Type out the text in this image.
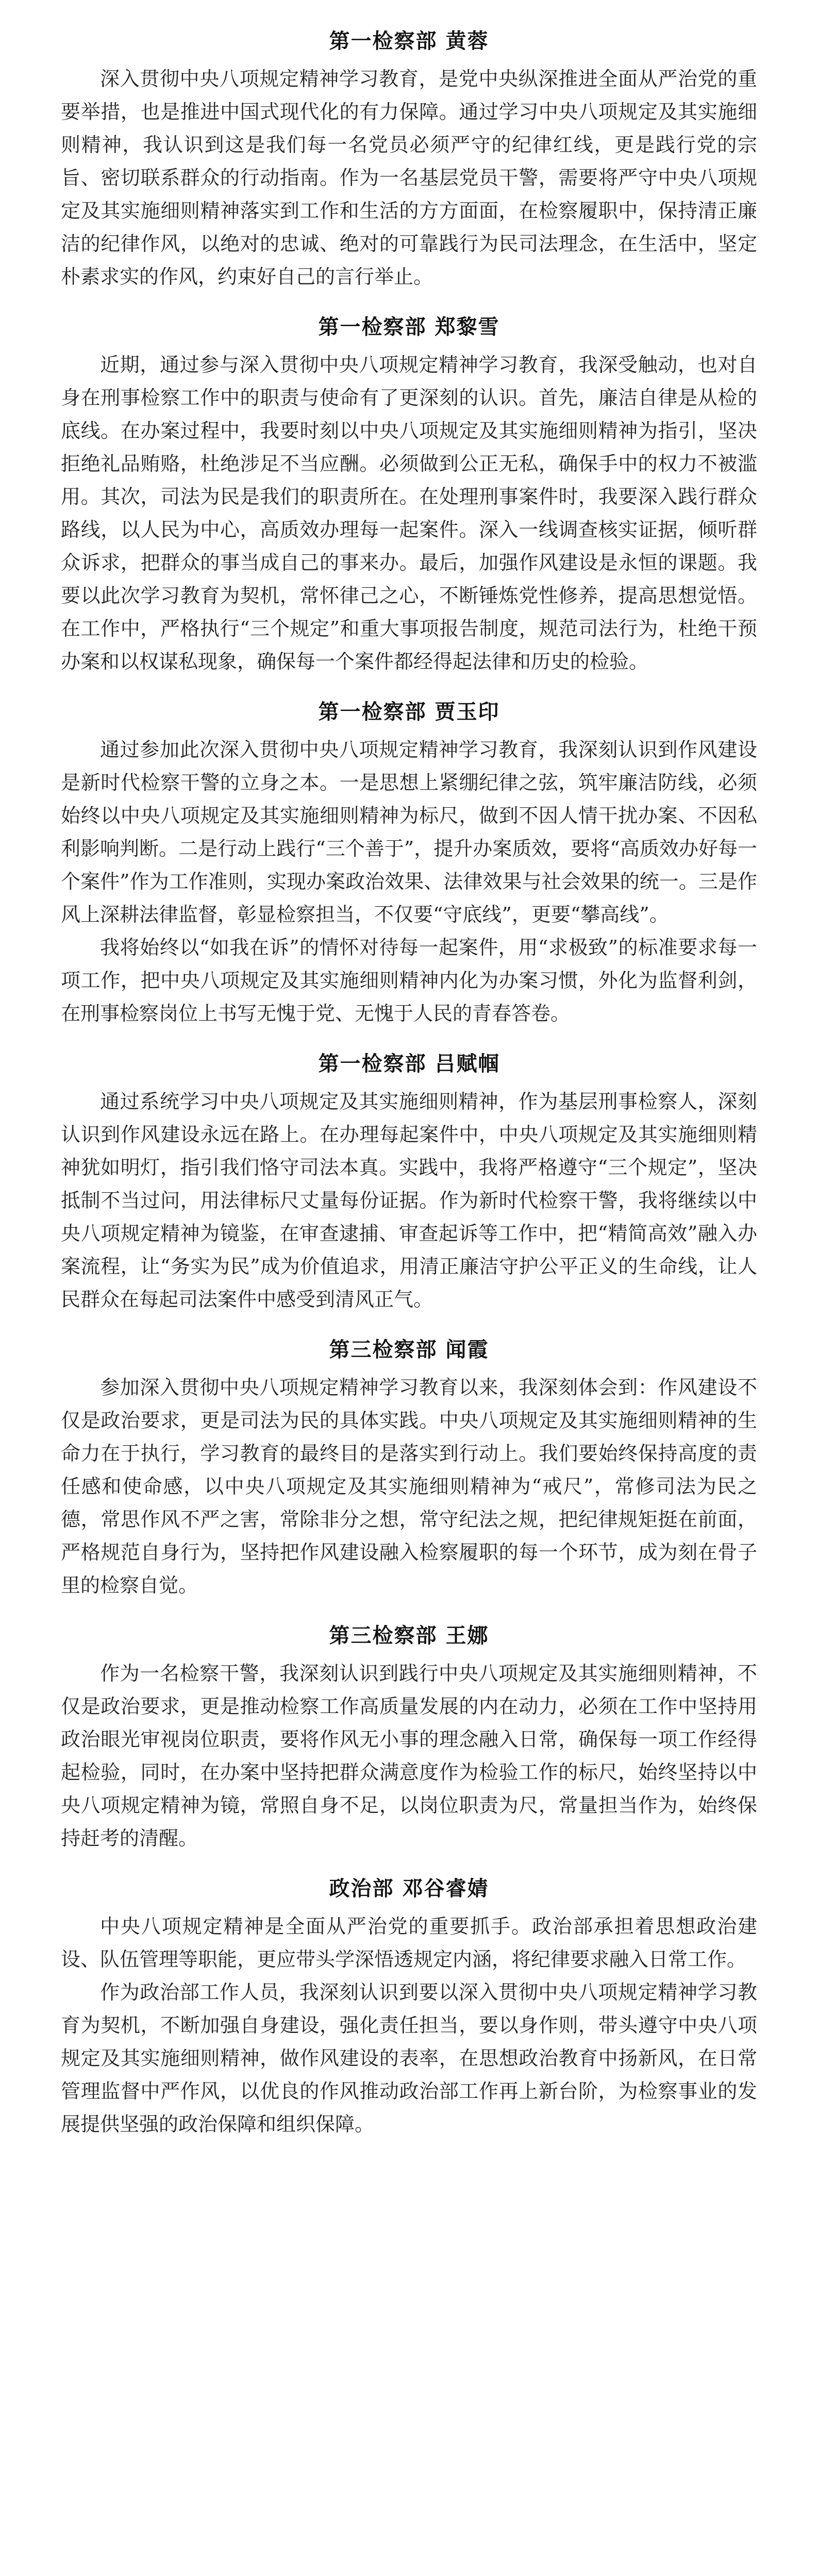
第一检察部 黄蓉

深入贯彻中央八项规定精神学习教育，是党中央纵深推进全面从严治党的重要举措，也是推进中国式现代化的有力保障。通过学习中央八项规定及其实施细则精神，我认识到这是我们每一名党员必须严守的纪律红线，更是践行党的宗旨、密切联系群众的行动指南。作为一名基层党员干警，需要将严守中央八项规定及其实施细则精神落实到工作和生活的方方面面，在检察履职中，保持清正廉洁的纪律作风，以绝对的忠诚、绝对的可靠践行为民司法理念，在生活中，坚定朴素求实的作风，约束好自己的言行举止。

第一检察部 郑黎雪

近期，通过参与深入贯彻中央八项规定精神学习教育，我深受触动，也对自身在刑事检察工作中的职责与使命有了更深刻的认识。首先，廉洁自律是从检的底线。在办案过程中，我要时刻以中央八项规定及其实施细则精神为指引，坚决拒绝礼品贿赂，杜绝涉足不当应酬。必须做到公正无私，确保手中的权力不被滥用。其次，司法为民是我们的职责所在。在处理刑事案件时，我要深入践行群众路线，以人民为中心，高质效办理每一起案件。深入一线调查核实证据，倾听群众诉求，把群众的事当成自己的事来办。最后，加强作风建设是永恒的课题。我要以此次学习教育为契机，常怀律己之心，不断锤炼党性修养，提高思想觉悟。在工作中，严格执行“三个规定”和重大事项报告制度，规范司法行为，杜绝干预办案和以权谋私现象，确保每一个案件都经得起法律和历史的检验。

第一检察部 贾玉印

通过参加此次深入贯彻中央八项规定精神学习教育，我深刻认识到作风建设是新时代检察干警的立身之本。一是思想上紧绷纪律之弦，筑牢廉洁防线，必须始终以中央八项规定及其实施细则精神为标尺，做到不因人情干扰办案、不因私利影响判断。二是行动上践行“三个善于”，提升办案质效，要将“高质效办好每一个案件”作为工作准则，实现办案政治效果、法律效果与社会效果的统一。三是作风上深耕法律监督，彰显检察担当，不仅要“守底线”，更要“攀高线”。

我将始终以“如我在诉”的情怀对待每一起案件，用“求极致”的标准要求每一项工作，把中央八项规定及其实施细则精神内化为办案习惯，外化为监督利剑，在刑事检察岗位上书写无愧于党、无愧于人民的青春答卷。

第一检察部 吕赋帼

通过系统学习中央八项规定及其实施细则精神，作为基层刑事检察人，深刻认识到作风建设永远在路上。在办理每起案件中，中央八项规定及其实施细则精神犹如明灯，指引我们恪守司法本真。实践中，我将严格遵守“三个规定”，坚决抵制不当过问，用法律标尺丈量每份证据。作为新时代检察干警，我将继续以中央八项规定精神为镜鉴，在审查逮捕、审查起诉等工作中，把“精简高效”融入办案流程，让“务实为民”成为价值追求，用清正廉洁守护公平正义的生命线，让人民群众在每起司法案件中感受到清风正气。

第三检察部 闻霞

参加深入贯彻中央八项规定精神学习教育以来，我深刻体会到：作风建设不仅是政治要求，更是司法为民的具体实践。中央八项规定及其实施细则精神的生命力在于执行，学习教育的最终目的是落实到行动上。我们要始终保持高度的责任感和使命感，以中央八项规定及其实施细则精神为“戒尺”，常修司法为民之德，常思作风不严之害，常除非分之想，常守纪法之规，把纪律规矩挺在前面，严格规范自身行为，坚持把作风建设融入检察履职的每一个环节，成为刻在骨子里的检察自觉。

第三检察部 王娜

作为一名检察干警，我深刻认识到践行中央八项规定及其实施细则精神，不仅是政治要求，更是推动检察工作高质量发展的内在动力，必须在工作中坚持用政治眼光审视岗位职责，要将作风无小事的理念融入日常，确保每一项工作经得起检验，同时，在办案中坚持把群众满意度作为检验工作的标尺，始终坚持以中央八项规定精神为镜，常照自身不足，以岗位职责为尺，常量担当作为，始终保持赶考的清醒。

政治部 邓谷睿婧

中央八项规定精神是全面从严治党的重要抓手。政治部承担着思想政治建设、队伍管理等职能，更应带头学深悟透规定内涵，将纪律要求融入日常工作。

作为政治部工作人员，我深刻认识到要以深入贯彻中央八项规定精神学习教育为契机，不断加强自身建设，强化责任担当，要以身作则，带头遵守中央八项规定及其实施细则精神，做作风建设的表率，在思想政治教育中扬新风，在日常管理监督中严作风，以优良的作风推动政治部工作再上新台阶，为检察事业的发展提供坚强的政治保障和组织保障。
